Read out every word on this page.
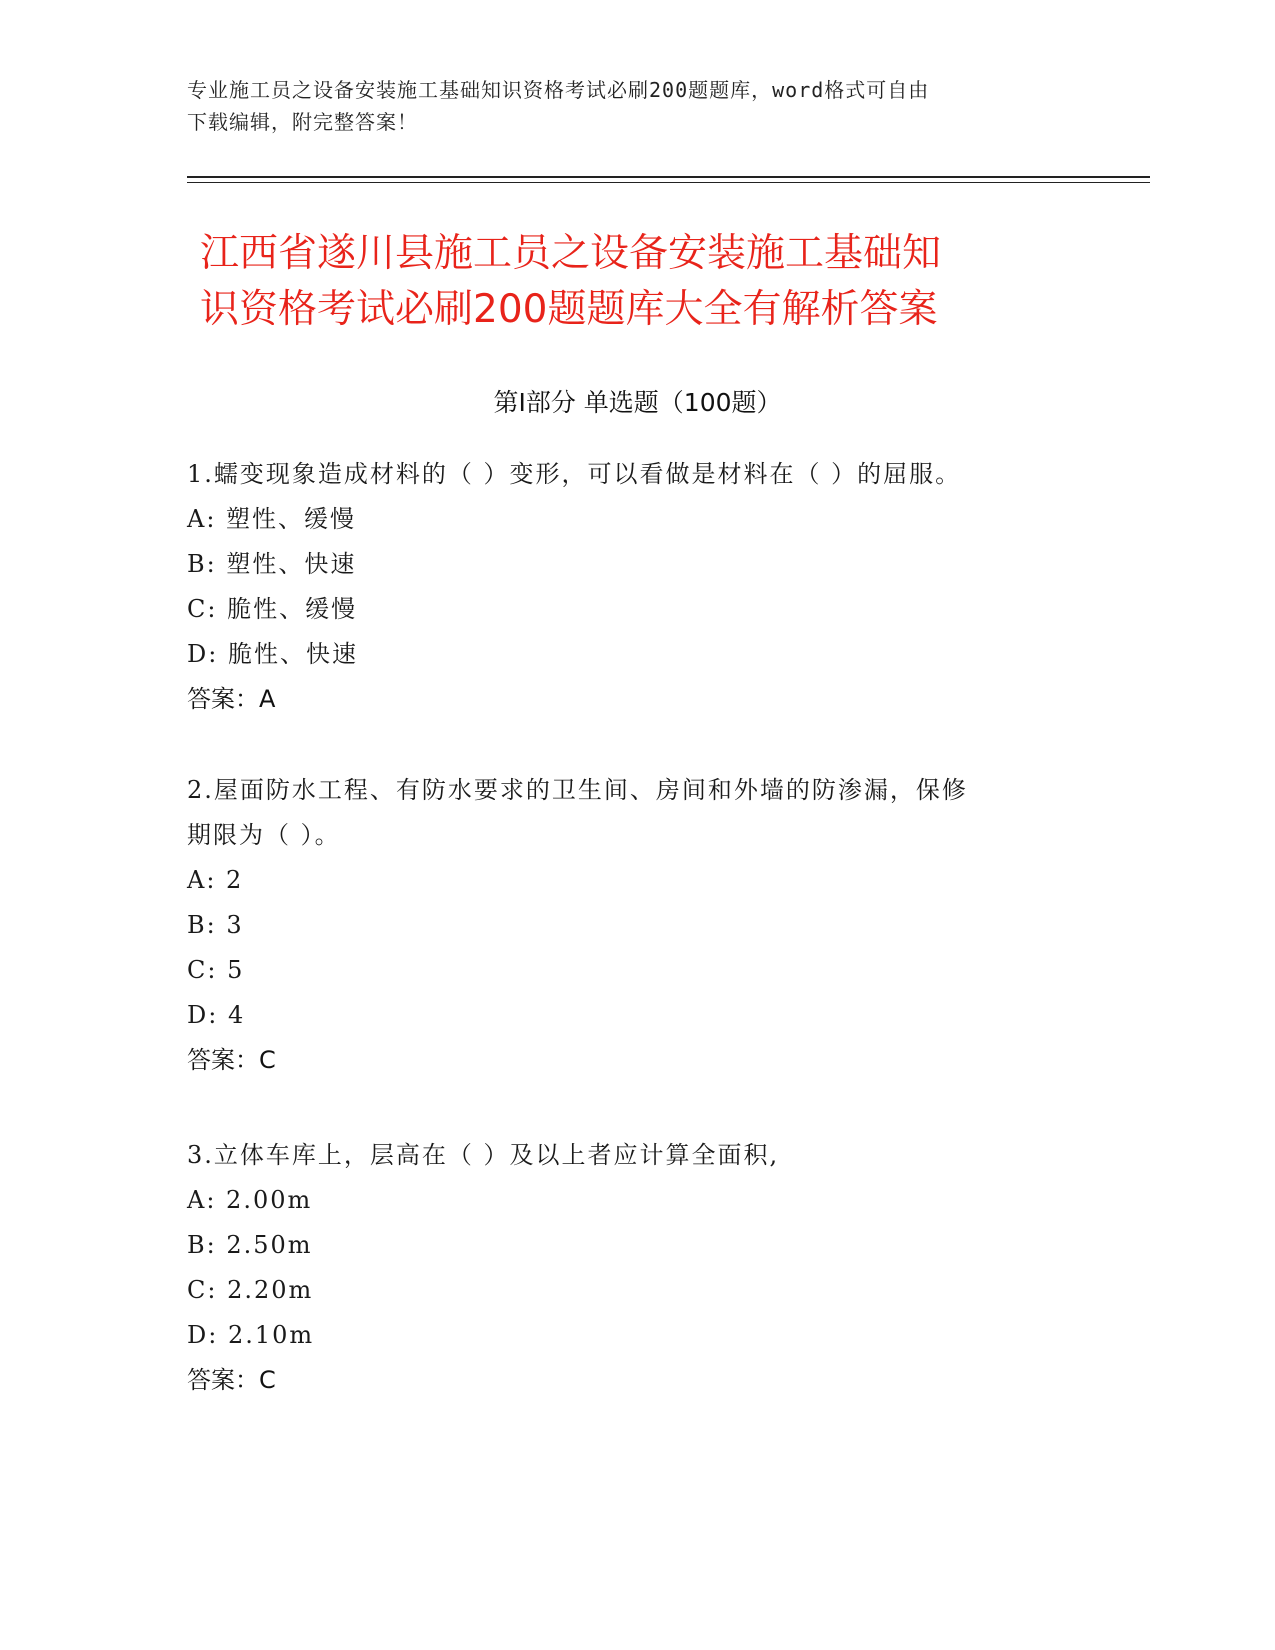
专业施工员之设备安装施工基础知识资格考试必刷200题题库，word格式可自由
下载编辑，附完整答案！
江西省遂川县施工员之设备安装施工基础知
识资格考试必刷200题题库大全有解析答案
第Ⅰ部分 单选题（100题）
1.蠕变现象造成材料的（ ）变形，可以看做是材料在（ ）的屈服。
A: 塑性、缓慢
B: 塑性、快速
C: 脆性、缓慢
D: 脆性、快速
答案：A
2.屋面防水工程、有防水要求的卫生间、房间和外墙的防渗漏，保修
期限为（ ）。
A: 2
B: 3
C: 5
D: 4
答案：C
3.立体车库上，层高在（ ）及以上者应计算全面积,
A: 2.00m
B: 2.50m
C: 2.20m
D: 2.10m
答案：C
